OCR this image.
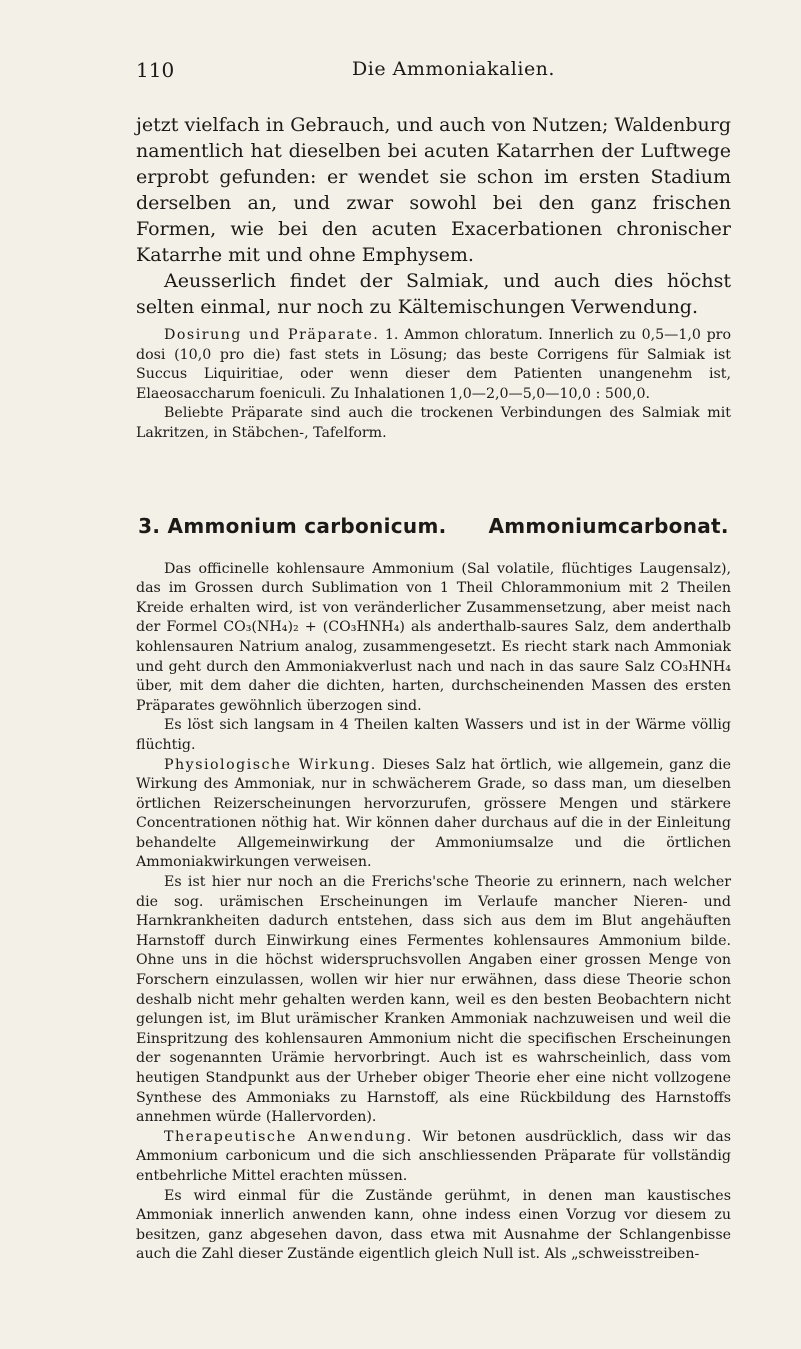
110	Die Ammoniakalien.

jetzt vielfach in Gebrauch, und auch von Nutzen; Waldenburg namentlich hat dieselben bei acuten Katarrhen der Luftwege erprobt gefunden: er wendet sie schon im ersten Stadium derselben an, und zwar sowohl bei den ganz frischen Formen, wie bei den acuten Exacerbationen chronischer Katarrhe mit und ohne Emphysem.

Aeusserlich findet der Salmiak, und auch dies höchst selten einmal, nur noch zu Kältemischungen Verwendung.

Dosirung und Präparate. 1. Ammon chloratum. Innerlich zu 0,5—1,0 pro dosi (10,0 pro die) fast stets in Lösung; das beste Corrigens für Salmiak ist Succus Liquiritiae, oder wenn dieser dem Patienten unangenehm ist, Elaeosaccharum foeniculi. Zu Inhalationen 1,0—2,0—5,0—10,0 : 500,0.

Beliebte Präparate sind auch die trockenen Verbindungen des Salmiak mit Lakritzen, in Stäbchen-, Tafelform.

3. Ammonium carbonicum. Ammoniumcarbonat.

Das officinelle kohlensaure Ammonium (Sal volatile, flüchtiges Laugensalz), das im Grossen durch Sublimation von 1 Theil Chlorammonium mit 2 Theilen Kreide erhalten wird, ist von veränderlicher Zusammensetzung, aber meist nach der Formel CO₃(NH₄)₂ + (CO₃HNH₄) als anderthalb-saures Salz, dem anderthalb kohlensauren Natrium analog, zusammengesetzt. Es riecht stark nach Ammoniak und geht durch den Ammoniakverlust nach und nach in das saure Salz CO₃HNH₄ über, mit dem daher die dichten, harten, durchscheinenden Massen des ersten Präparates gewöhnlich überzogen sind.

Es löst sich langsam in 4 Theilen kalten Wassers und ist in der Wärme völlig flüchtig.

Physiologische Wirkung. Dieses Salz hat örtlich, wie allgemein, ganz die Wirkung des Ammoniak, nur in schwächerem Grade, so dass man, um dieselben örtlichen Reizerscheinungen hervorzurufen, grössere Mengen und stärkere Concentrationen nöthig hat. Wir können daher durchaus auf die in der Einleitung behandelte Allgemeinwirkung der Ammoniumsalze und die örtlichen Ammoniakwirkungen verweisen.

Es ist hier nur noch an die Frerichs'sche Theorie zu erinnern, nach welcher die sog. urämischen Erscheinungen im Verlaufe mancher Nieren- und Harnkrankheiten dadurch entstehen, dass sich aus dem im Blut angehäuften Harnstoff durch Einwirkung eines Fermentes kohlensaures Ammonium bilde. Ohne uns in die höchst widerspruchsvollen Angaben einer grossen Menge von Forschern einzulassen, wollen wir hier nur erwähnen, dass diese Theorie schon deshalb nicht mehr gehalten werden kann, weil es den besten Beobachtern nicht gelungen ist, im Blut urämischer Kranken Ammoniak nachzuweisen und weil die Einspritzung des kohlensauren Ammonium nicht die specifischen Erscheinungen der sogenannten Urämie hervorbringt. Auch ist es wahrscheinlich, dass vom heutigen Standpunkt aus der Urheber obiger Theorie eher eine nicht vollzogene Synthese des Ammoniaks zu Harnstoff, als eine Rückbildung des Harnstoffs annehmen würde (Hallervorden).

Therapeutische Anwendung. Wir betonen ausdrücklich, dass wir das Ammonium carbonicum und die sich anschliessenden Präparate für vollständig entbehrliche Mittel erachten müssen.

Es wird einmal für die Zustände gerühmt, in denen man kaustisches Ammoniak innerlich anwenden kann, ohne indess einen Vorzug vor diesem zu besitzen, ganz abgesehen davon, dass etwa mit Ausnahme der Schlangenbisse auch die Zahl dieser Zustände eigentlich gleich Null ist. Als „schweisstreiben-
